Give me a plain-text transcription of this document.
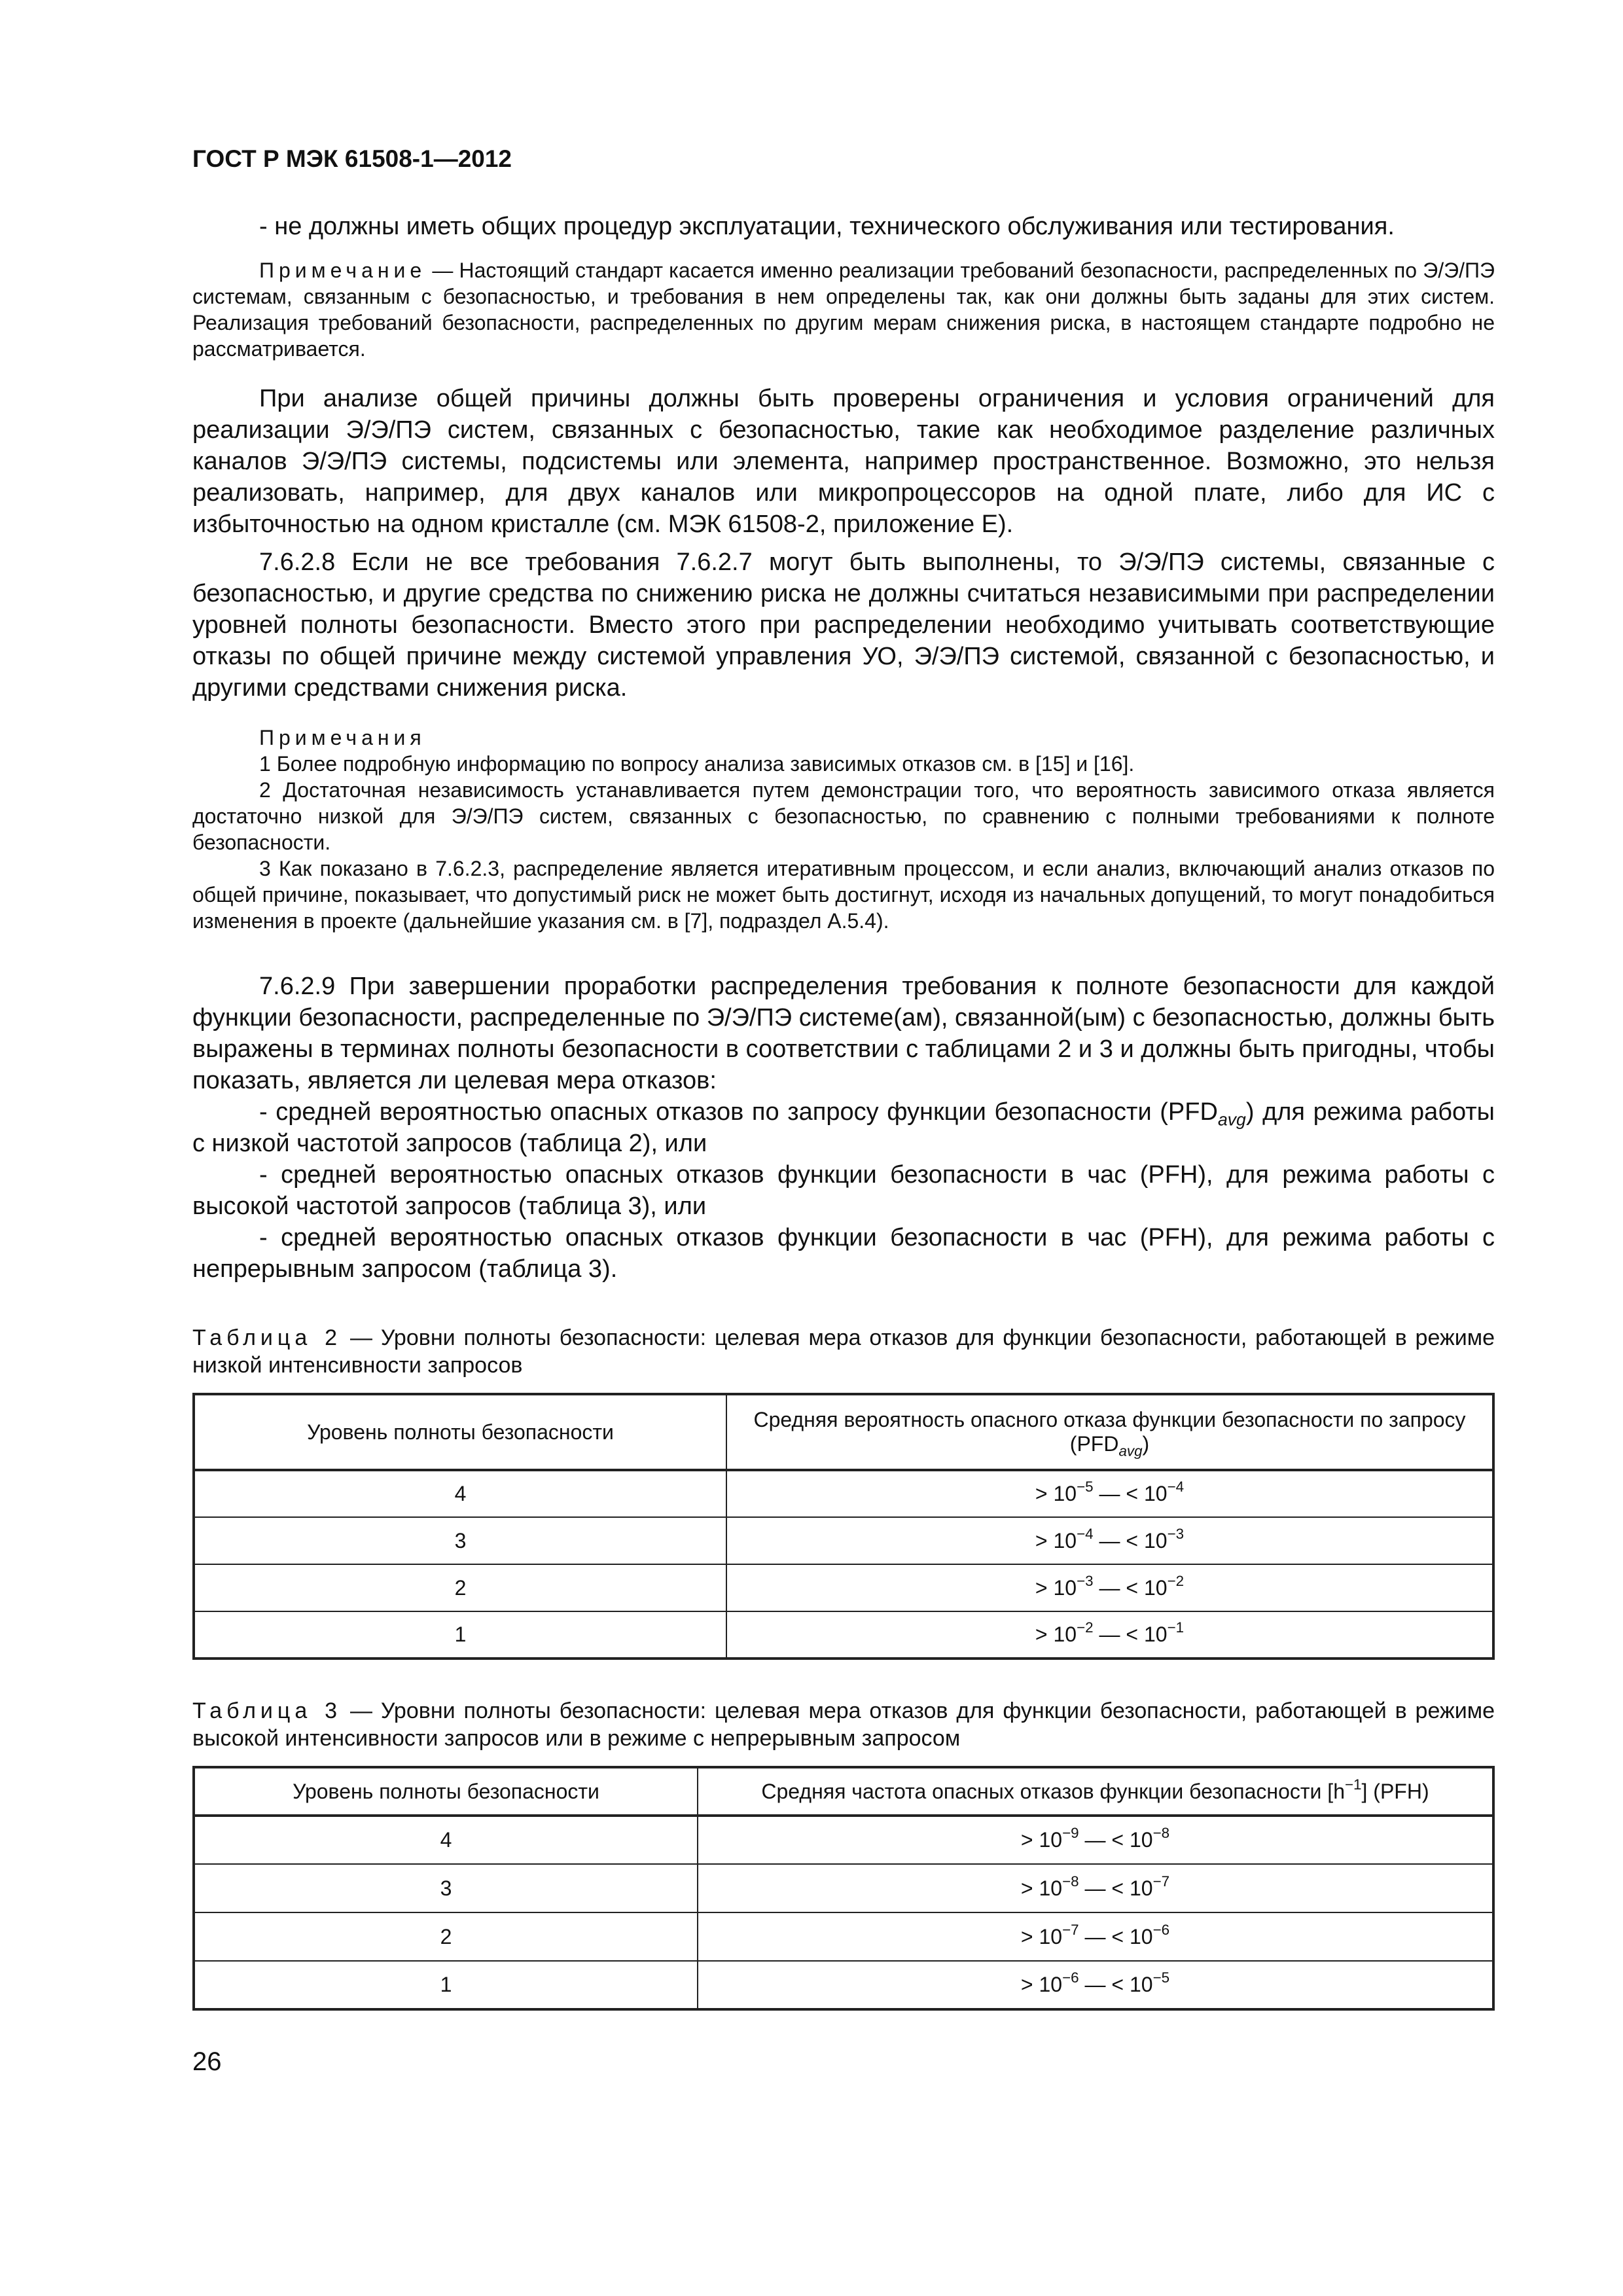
ГОСТ Р МЭК 61508-1—2012
- не должны иметь общих процедур эксплуатации, технического обслуживания или тестирования.
Примечание — Настоящий стандарт касается именно реализации требований безопасности, распределенных по Э/Э/ПЭ системам, связанным с безопасностью, и требования в нем определены так, как они должны быть заданы для этих систем. Реализация требований безопасности, распределенных по другим мерам снижения риска, в настоящем стандарте подробно не рассматривается.
При анализе общей причины должны быть проверены ограничения и условия ограничений для реализации Э/Э/ПЭ систем, связанных с безопасностью, такие как необходимое разделение различных каналов Э/Э/ПЭ системы, подсистемы или элемента, например пространственное. Возможно, это нельзя реализовать, например, для двух каналов или микропроцессоров на одной плате, либо для ИС с избыточностью на одном кристалле (см. МЭК 61508-2, приложение E).
7.6.2.8 Если не все требования 7.6.2.7 могут быть выполнены, то Э/Э/ПЭ системы, связанные с безопасностью, и другие средства по снижению риска не должны считаться независимыми при распределении уровней полноты безопасности. Вместо этого при распределении необходимо учитывать соответствующие отказы по общей причине между системой управления УО, Э/Э/ПЭ системой, связанной с безопасностью, и другими средствами снижения риска.
Примечания
1 Более подробную информацию по вопросу анализа зависимых отказов см. в [15] и [16].
2 Достаточная независимость устанавливается путем демонстрации того, что вероятность зависимого отказа является достаточно низкой для Э/Э/ПЭ систем, связанных с безопасностью, по сравнению с полными требованиями к полноте безопасности.
3 Как показано в 7.6.2.3, распределение является итеративным процессом, и если анализ, включающий анализ отказов по общей причине, показывает, что допустимый риск не может быть достигнут, исходя из начальных допущений, то могут понадобиться изменения в проекте (дальнейшие указания см. в [7], подраздел A.5.4).
7.6.2.9 При завершении проработки распределения требования к полноте безопасности для каждой функции безопасности, распределенные по Э/Э/ПЭ системе(ам), связанной(ым) с безопасностью, должны быть выражены в терминах полноты безопасности в соответствии с таблицами 2 и 3 и должны быть пригодны, чтобы показать, является ли целевая мера отказов:
- средней вероятностью опасных отказов по запросу функции безопасности $(PFD_{avg})$ для режима работы с низкой частотой запросов (таблица 2), или
- средней вероятностью опасных отказов функции безопасности в час (PFH), для режима работы с высокой частотой запросов (таблица 3), или
- средней вероятностью опасных отказов функции безопасности в час (PFH), для режима работы с непрерывным запросом (таблица 3).
Таблица 2 — Уровни полноты безопасности: целевая мера отказов для функции безопасности, работающей в режиме низкой интенсивности запросов
Уровень полноты безопасности	Средняя вероятность опасного отказа функции безопасности по запросу $(PFD_{avg})$
4	> $10^{-5}$ — < $10^{-4}$
3	> $10^{-4}$ — < $10^{-3}$
2	> $10^{-3}$ — < $10^{-2}$
1	> $10^{-2}$ — < $10^{-1}$
Таблица 3 — Уровни полноты безопасности: целевая мера отказов для функции безопасности, работающей в режиме высокой интенсивности запросов или в режиме с непрерывным запросом
Уровень полноты безопасности	Средняя частота опасных отказов функции безопасности $[h^{-1}]$ (PFH)
4	> $10^{-9}$ — < $10^{-8}$
3	> $10^{-8}$ — < $10^{-7}$
2	> $10^{-7}$ — < $10^{-6}$
1	> $10^{-6}$ — < $10^{-5}$
26
